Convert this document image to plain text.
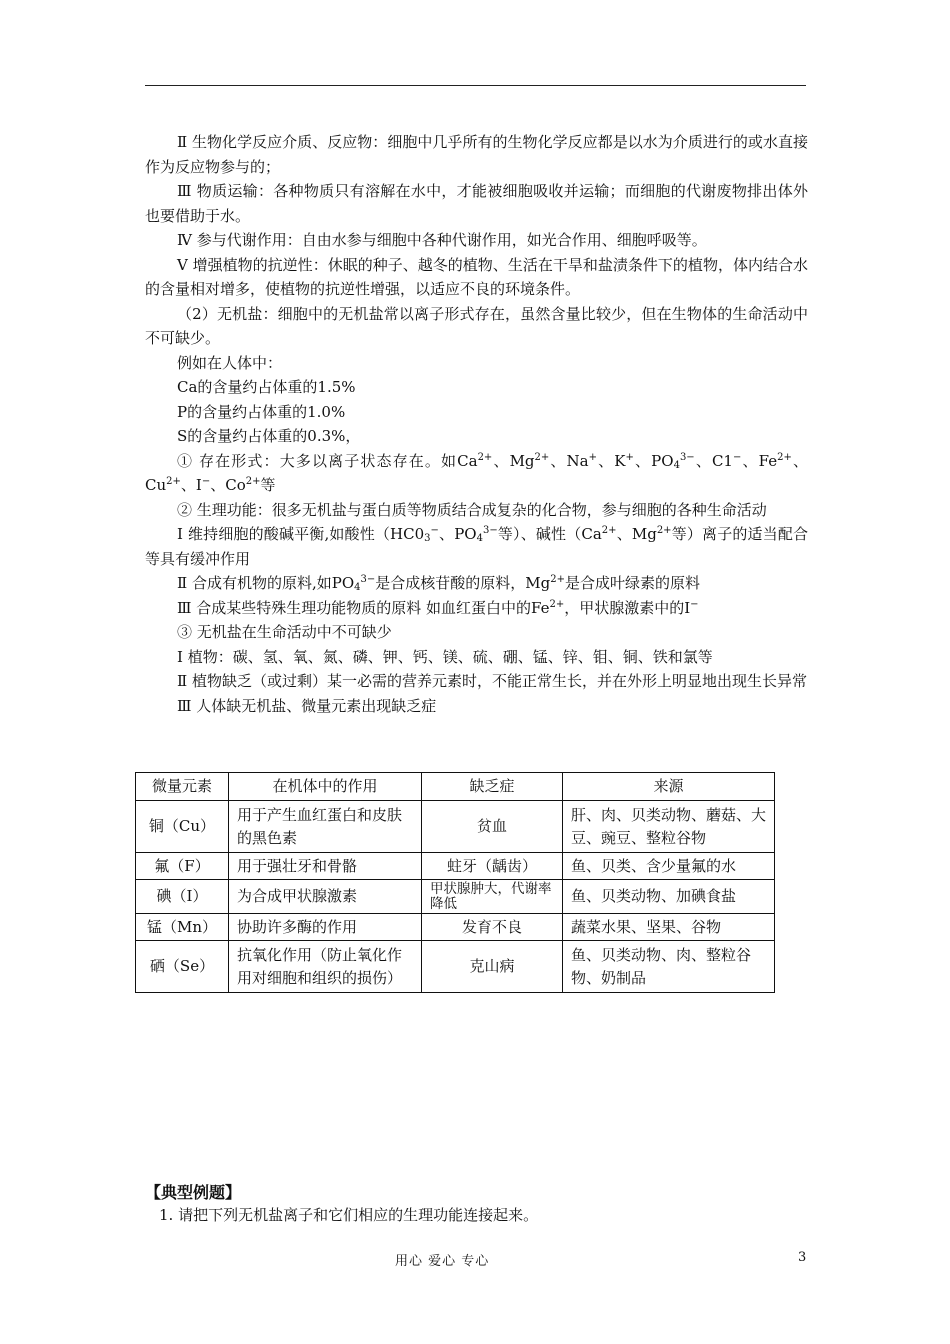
Ⅱ 生物化学反应介质、反应物：细胞中几乎所有的生物化学反应都是以水为介质进行的或水直接作为反应物参与的；

Ⅲ 物质运输：各种物质只有溶解在水中，才能被细胞吸收并运输；而细胞的代谢废物排出体外也要借助于水。

Ⅳ 参与代谢作用：自由水参与细胞中各种代谢作用，如光合作用、细胞呼吸等。

Ⅴ 增强植物的抗逆性：休眠的种子、越冬的植物、生活在干旱和盐渍条件下的植物，体内结合水的含量相对增多，使植物的抗逆性增强，以适应不良的环境条件。

（2）无机盐：细胞中的无机盐常以离子形式存在，虽然含量比较少，但在生物体的生命活动中不可缺少。

例如在人体中：

Ca的含量约占体重的1.5%

P的含量约占体重的1.0%

S的含量约占体重的0.3%，

① 存在形式：大多以离子状态存在。如$Ca^{2+}$、$Mg^{2+}$、Na+、K+、$PO_4^{3-}$、C1−、$Fe^{2+}$、$Cu^{2+}$、I−、$Co^{2+}$等

② 生理功能：很多无机盐与蛋白质等物质结合成复杂的化合物，参与细胞的各种生命活动

Ⅰ 维持细胞的酸碱平衡,如酸性（$HC0_3^-$、$PO_4^{3-}$等）、碱性（$Ca^{2+}$、$Mg^{2+}$等）离子的适当配合等具有缓冲作用

Ⅱ 合成有机物的原料,如$PO_4^{3-}$是合成核苷酸的原料，$Mg^{2+}$是合成叶绿素的原料

Ⅲ 合成某些特殊生理功能物质的原料 如血红蛋白中的$Fe^{2+}$，甲状腺激素中的I−

③ 无机盐在生命活动中不可缺少

Ⅰ 植物：碳、氢、氧、氮、磷、钾、钙、镁、硫、硼、锰、锌、钼、铜、铁和氯等

Ⅱ 植物缺乏（或过剩）某一必需的营养元素时，不能正常生长，并在外形上明显地出现生长异常

Ⅲ 人体缺无机盐、微量元素出现缺乏症

微量元素	在机体中的作用	缺乏症	来源
铜（Cu）	用于产生血红蛋白和皮肤的黑色素	贫血	肝、肉、贝类动物、蘑菇、大豆、豌豆、整粒谷物
氟（F）	用于强壮牙和骨骼	蛀牙（龋齿）	鱼、贝类、含少量氟的水
碘（I）	为合成甲状腺激素	甲状腺肿大，代谢率降低	鱼、贝类动物、加碘食盐
锰（Mn）	协助许多酶的作用	发育不良	蔬菜水果、坚果、谷物
硒（Se）	抗氧化作用（防止氧化作用对细胞和组织的损伤）	克山病	鱼、贝类动物、肉、整粒谷物、奶制品
【典型例题】
1. 请把下列无机盐离子和它们相应的生理功能连接起来。
用心 爱心 专心	3
